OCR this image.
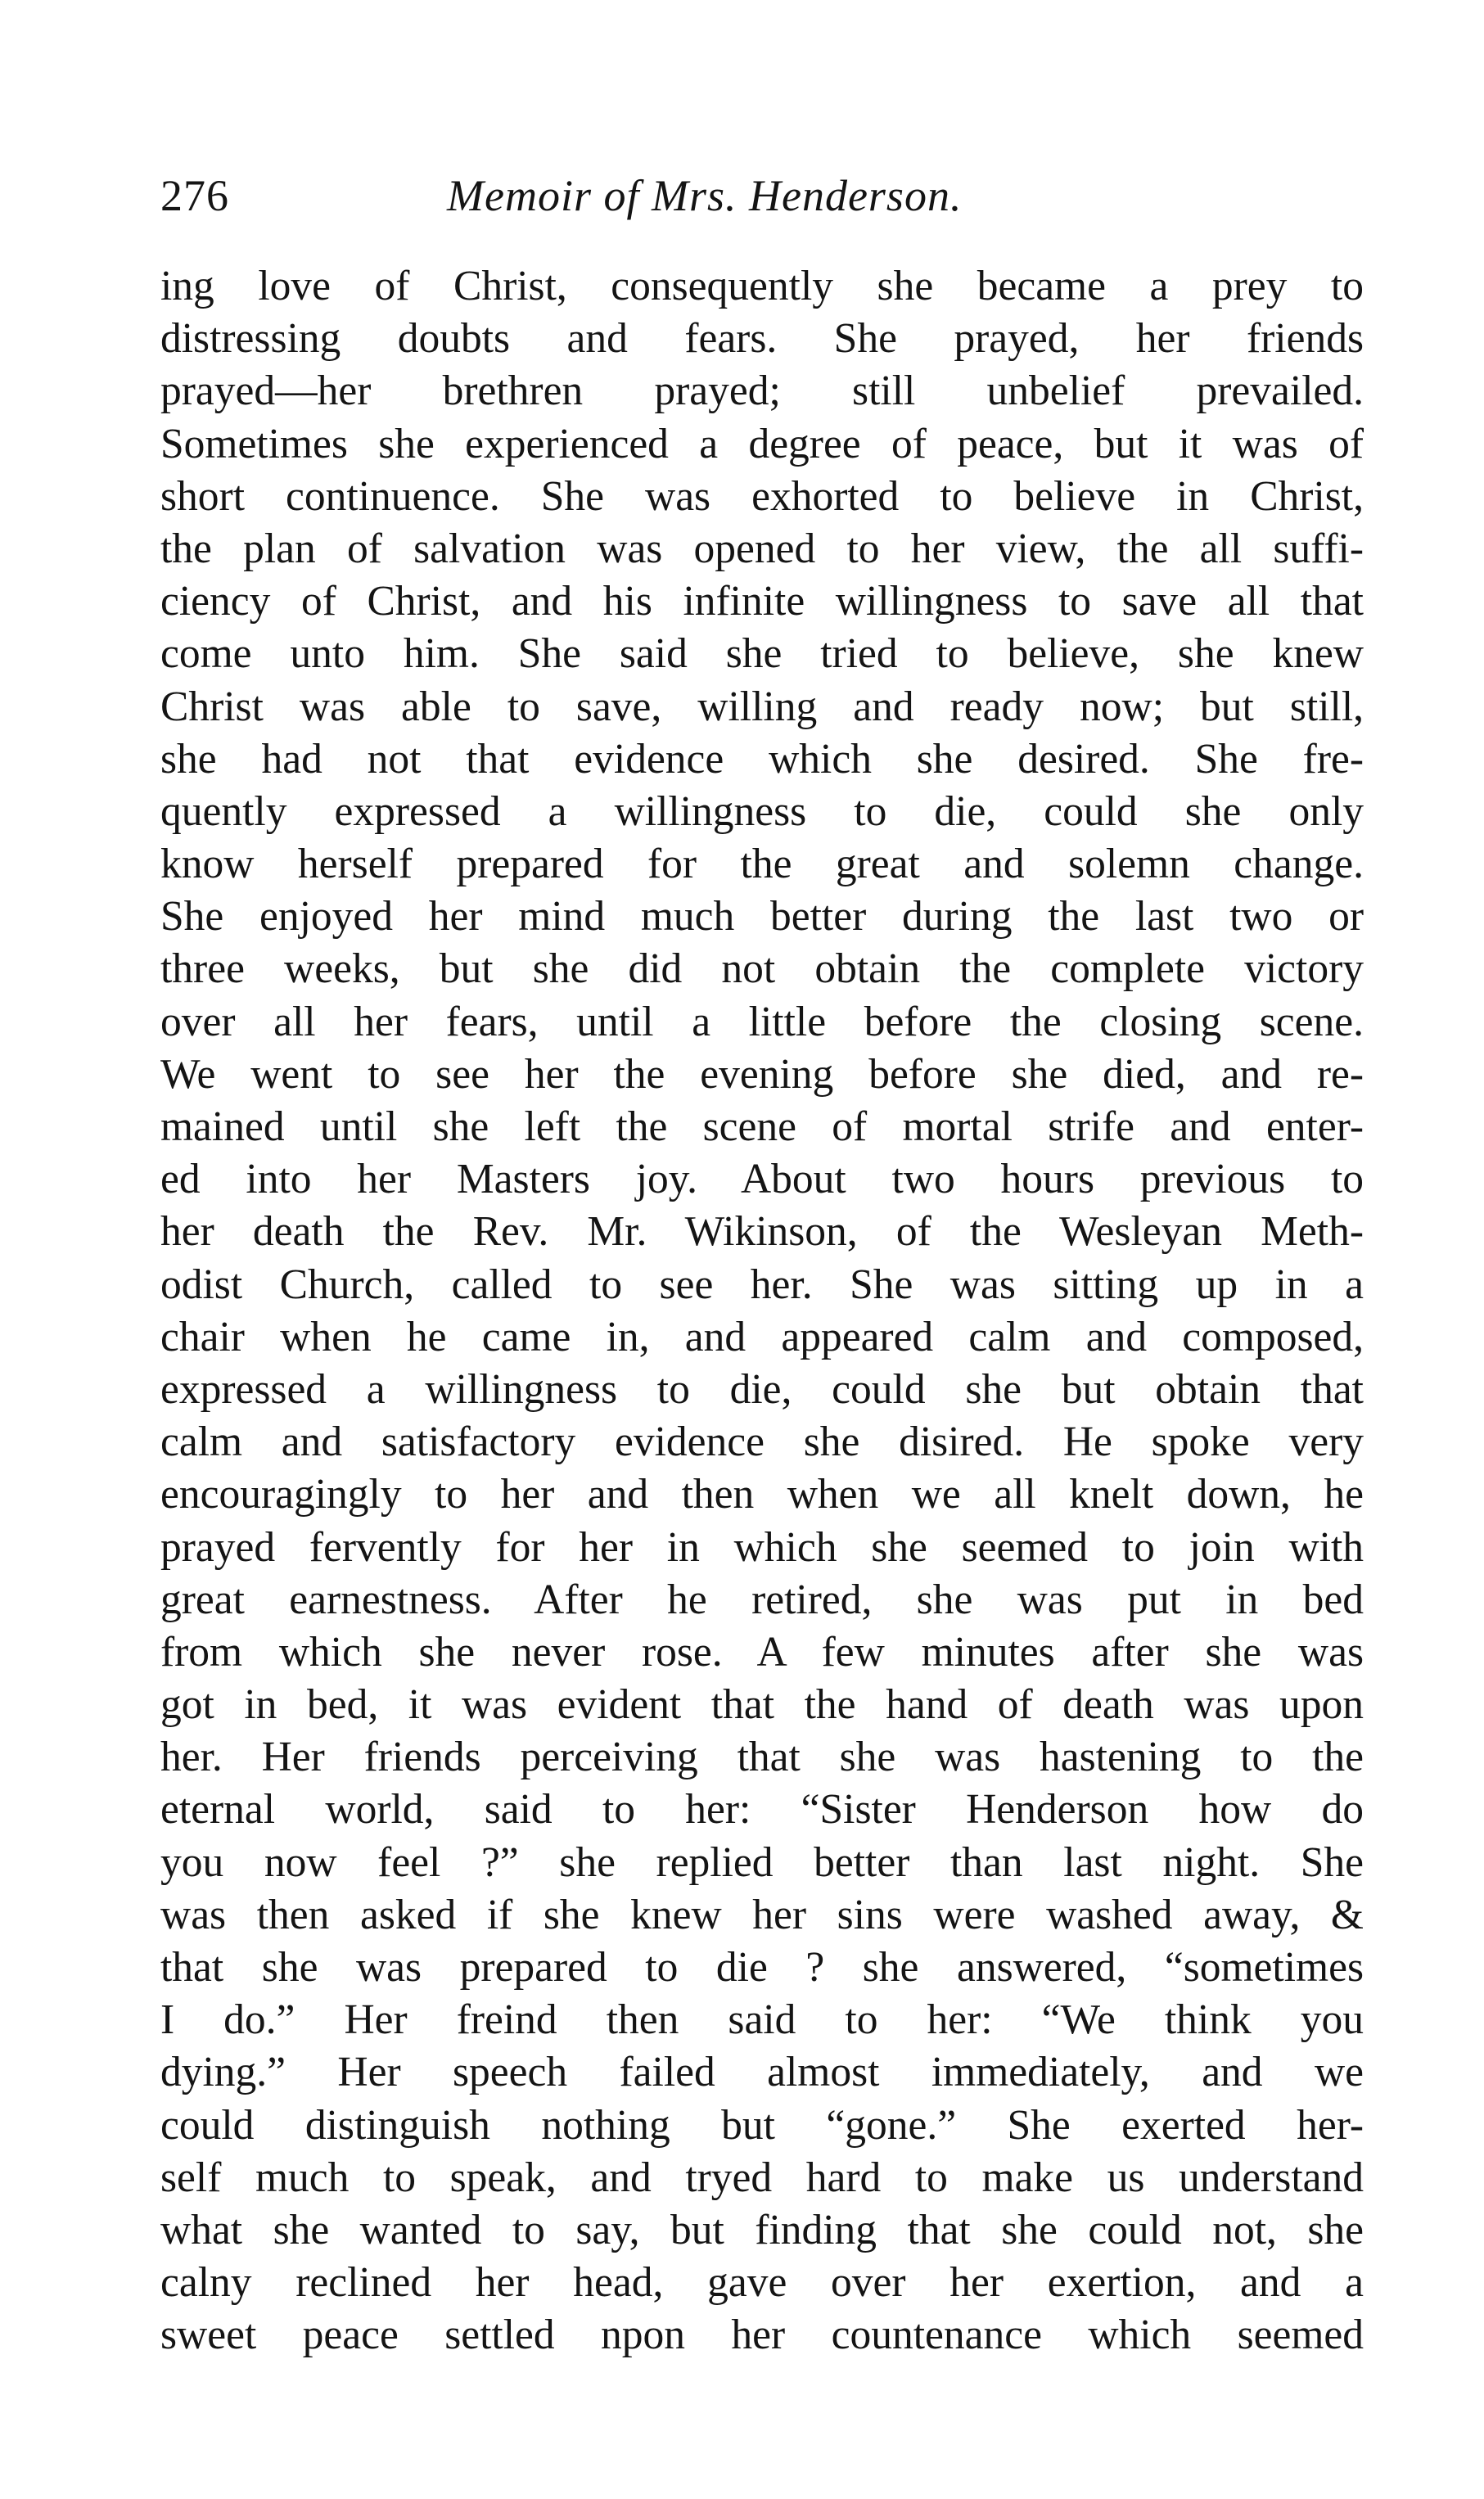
276	Memoir of Mrs. Henderson.
ing love of Christ, consequently she became a prey to
distressing doubts and fears. She prayed, her friends
prayed—her brethren prayed; still unbelief prevailed.
Sometimes she experienced a degree of peace, but it was of
short continuence. She was exhorted to believe in Christ,
the plan of salvation was opened to her view, the all suffi-
ciency of Christ, and his infinite willingness to save all that
come unto him. She said she tried to believe, she knew
Christ was able to save, willing and ready now; but still,
she had not that evidence which she desired. She fre-
quently expressed a willingness to die, could she only
know herself prepared for the great and solemn change.
She enjoyed her mind much better during the last two or
three weeks, but she did not obtain the complete victory
over all her fears, until a little before the closing scene.
We went to see her the evening before she died, and re-
mained until she left the scene of mortal strife and enter-
ed into her Masters joy. About two hours previous to
her death the Rev. Mr. Wikinson, of the Wesleyan Meth-
odist Church, called to see her. She was sitting up in a
chair when he came in, and appeared calm and composed,
expressed a willingness to die, could she but obtain that
calm and satisfactory evidence she disired. He spoke very
encouragingly to her and then when we all knelt down, he
prayed fervently for her in which she seemed to join with
great earnestness. After he retired, she was put in bed
from which she never rose. A few minutes after she was
got in bed, it was evident that the hand of death was upon
her. Her friends perceiving that she was hastening to the
eternal world, said to her: “Sister Henderson how do
you now feel ?” she replied better than last night. She
was then asked if she knew her sins were washed away, &
that she was prepared to die ? she answered, “sometimes
I do.” Her freind then said to her: “We think you
dying.” Her speech failed almost immediately, and we
could distinguish nothing but “gone.” She exerted her-
self much to speak, and tryed hard to make us understand
what she wanted to say, but finding that she could not, she
calny reclined her head, gave over her exertion, and a
sweet peace settled npon her countenance which seemed
